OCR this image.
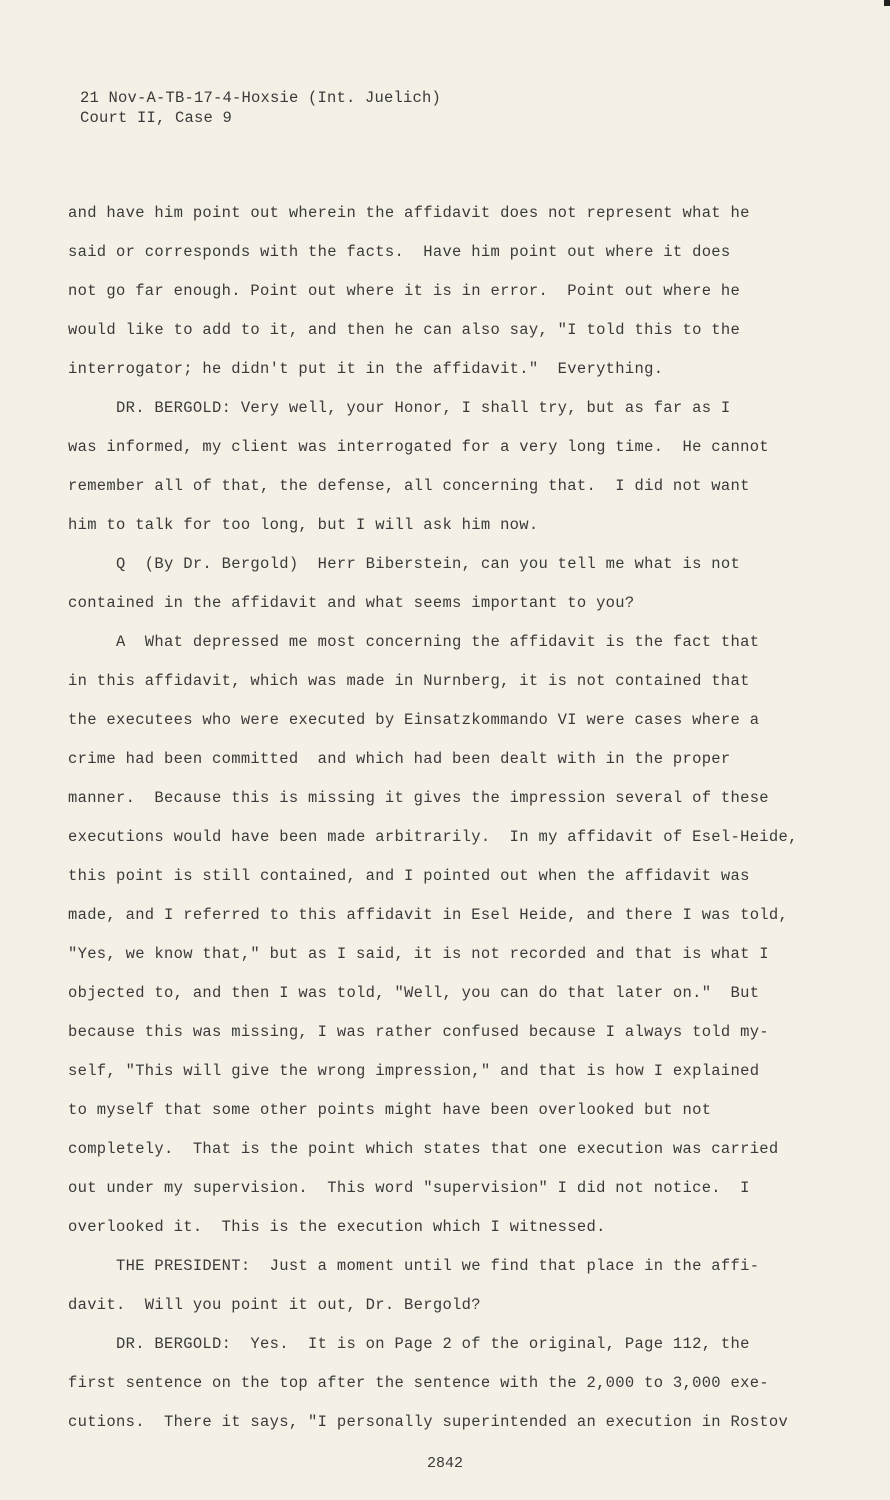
21 Nov-A-TB-17-4-Hoxsie (Int. Juelich)
Court II, Case 9
and have him point out wherein the affidavit does not represent what he
said or corresponds with the facts.  Have him point out where it does
not go far enough. Point out where it is in error.  Point out where he
would like to add to it, and then he can also say, "I told this to the
interrogator; he didn't put it in the affidavit."  Everything.
DR. BERGOLD: Very well, your Honor, I shall try, but as far as I
was informed, my client was interrogated for a very long time.  He cannot
remember all of that, the defense, all concerning that.  I did not want
him to talk for too long, but I will ask him now.
Q  (By Dr. Bergold)  Herr Biberstein, can you tell me what is not
contained in the affidavit and what seems important to you?
A  What depressed me most concerning the affidavit is the fact that
in this affidavit, which was made in Nurnberg, it is not contained that
the executees who were executed by Einsatzkommando VI were cases where a
crime had been committed  and which had been dealt with in the proper
manner.  Because this is missing it gives the impression several of these
executions would have been made arbitrarily.  In my affidavit of Esel-Heide,
this point is still contained, and I pointed out when the affidavit was
made, and I referred to this affidavit in Esel Heide, and there I was told,
"Yes, we know that," but as I said, it is not recorded and that is what I
objected to, and then I was told, "Well, you can do that later on."  But
because this was missing, I was rather confused because I always told my-
self, "This will give the wrong impression," and that is how I explained
to myself that some other points might have been overlooked but not
completely.  That is the point which states that one execution was carried
out under my supervision.  This word "supervision" I did not notice.  I
overlooked it.  This is the execution which I witnessed.
THE PRESIDENT:  Just a moment until we find that place in the affi-
davit.  Will you point it out, Dr. Bergold?
DR. BERGOLD:  Yes.  It is on Page 2 of the original, Page 112, the
first sentence on the top after the sentence with the 2,000 to 3,000 exe-
cutions.  There it says, "I personally superintended an execution in Rostov
2842
